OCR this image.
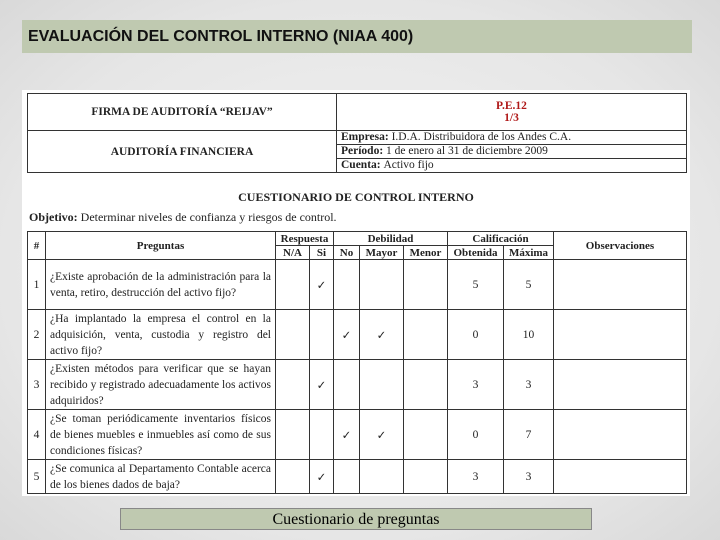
EVALUACIÓN DEL CONTROL INTERNO (NIAA 400)
FIRMA DE AUDITORÍA “REIJAV”	P.E.12
1/3

AUDITORÍA FINANCIERA	Empresa: I.D.A. Distribuidora de los Andes C.A.
	Período: 1 de enero al 31 de diciembre 2009
	Cuenta: Activo fijo
CUESTIONARIO DE CONTROL INTERNO
Objetivo: Determinar niveles de confianza y riesgos de control.
#	Preguntas	Respuesta		Debilidad			Calificación		Observaciones
		N/A	Si	No	Mayor	Menor	Obtenida	Máxima	
1	¿Existe aprobación de la administración para la venta, retiro, destrucción del activo fijo?		✓				5	5	
2	¿Ha implantado la empresa el control en la adquisición, venta, custodia y registro del activo fijo?			✓	✓		0	10	
3	¿Existen métodos para verificar que se hayan recibido y registrado adecuadamente los activos adquiridos?		✓				3	3	
4	¿Se toman periódicamente inventarios físicos de bienes muebles e inmuebles así como de sus condiciones físicas?			✓	✓		0	7	
5	¿Se comunica al Departamento Contable acerca de los bienes dados de baja?		✓				3	3	
Cuestionario de preguntas
